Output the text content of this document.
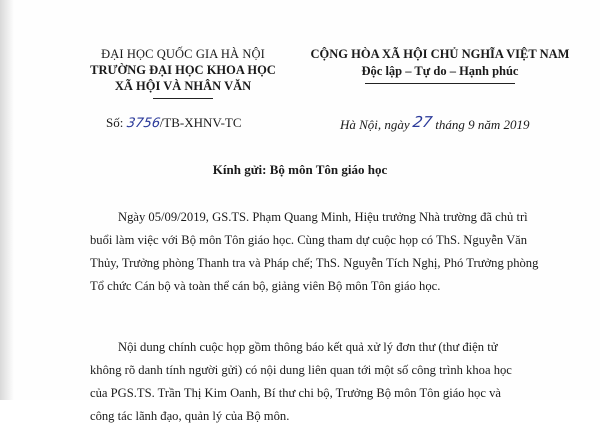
ĐẠI HỌC QUỐC GIA HÀ NỘI
TRƯỜNG ĐẠI HỌC KHOA HỌC
XÃ HỘI VÀ NHÂN VĂN
CỘNG HÒA XÃ HỘI CHỦ NGHĨA VIỆT NAM
Độc lập – Tự do – Hạnh phúc
Số: 3756/TB-XHNV-TC	Hà Nội, ngày 27 tháng 9 năm 2019
Kính gửi: Bộ môn Tôn giáo học
Ngày 05/09/2019, GS.TS. Phạm Quang Minh, Hiệu trưởng Nhà trường đã chủ trì
buổi làm việc với Bộ môn Tôn giáo học. Cùng tham dự cuộc họp có ThS. Nguyễn Văn
Thủy, Trưởng phòng Thanh tra và Pháp chế; ThS. Nguyễn Tích Nghị, Phó Trưởng phòng
Tổ chức Cán bộ và toàn thể cán bộ, giảng viên Bộ môn Tôn giáo học.
Nội dung chính cuộc họp gồm thông báo kết quả xử lý đơn thư (thư điện tử
không rõ danh tính người gửi) có nội dung liên quan tới một số công trình khoa học
của PGS.TS. Trần Thị Kim Oanh, Bí thư chi bộ, Trưởng Bộ môn Tôn giáo học và
công tác lãnh đạo, quản lý của Bộ môn.
